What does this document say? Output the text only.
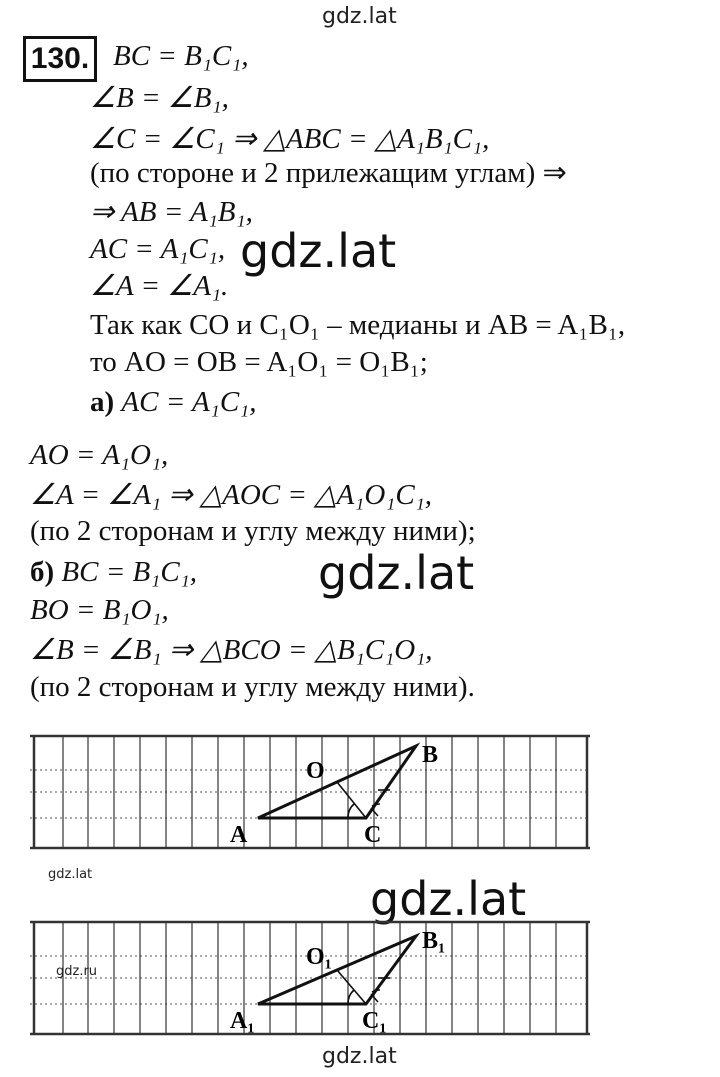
gdz.lat
130. BC = B₁C₁,
∠B = ∠B₁,
∠C = ∠C₁ ⇒ △ABC = △A₁B₁C₁,
(по стороне и 2 прилежащим углам) ⇒
⇒ AB = A₁B₁,
AC = A₁C₁, gdz.lat
∠A = ∠A₁.
Так как CO и C₁O₁ – медианы и AB = A₁B₁,
то AO = OB = A₁O₁ = O₁B₁;
а) AC = A₁C₁,
AO = A₁O₁,
∠A = ∠A₁ ⇒ △AOC = △A₁O₁C₁,
(по 2 сторонам и углу между ними);
б) BC = B₁C₁,	gdz.lat
BO = B₁O₁,
∠B = ∠B₁ ⇒ △BCO = △B₁C₁O₁,
(по 2 сторонам и углу между ними).
A
B
C
O
gdz.lat	gdz.lat
A₁
B₁
C₁
O₁
gdz.ru
gdz.lat
